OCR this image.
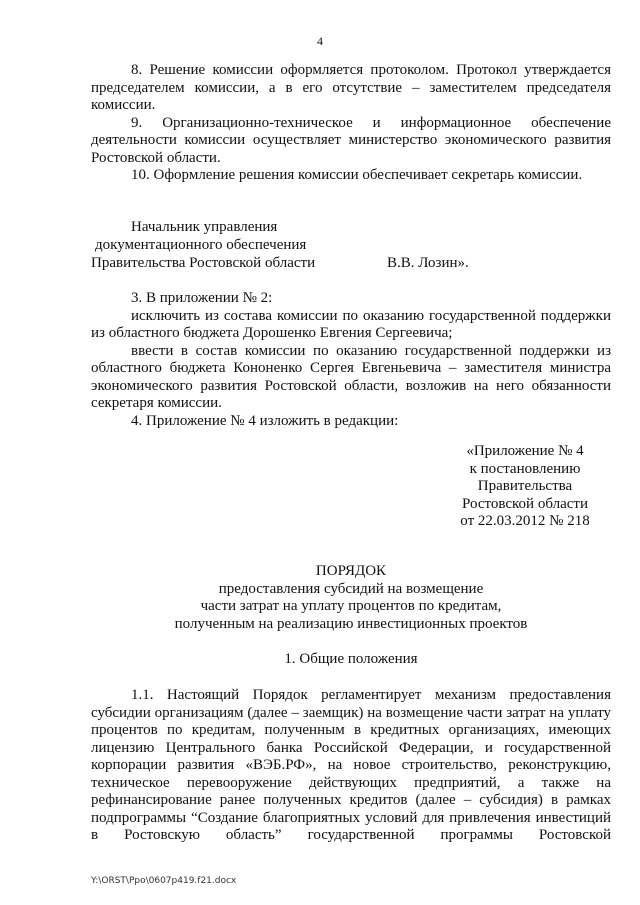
4

8. Решение комиссии оформляется протоколом. Протокол утверждается председателем комиссии, а в его отсутствие – заместителем председателя комиссии.

9. Организационно-техническое и информационное обеспечение деятельности комиссии осуществляет министерство экономического развития Ростовской области.

10. Оформление решения комиссии обеспечивает секретарь комиссии.

Начальник управления
документационного обеспечения
Правительства Ростовской области	В.В. Лозин».

3. В приложении № 2:

исключить из состава комиссии по оказанию государственной поддержки из областного бюджета Дорошенко Евгения Сергеевича;

ввести в состав комиссии по оказанию государственной поддержки из областного бюджета Кононенко Сергея Евгеньевича – заместителя министра экономического развития Ростовской области, возложив на него обязанности секретаря комиссии.

4. Приложение № 4 изложить в редакции:

«Приложение № 4
к постановлению
Правительства
Ростовской области
от 22.03.2012 № 218
ПОРЯДОК
предоставления субсидий на возмещение
части затрат на уплату процентов по кредитам,
полученным на реализацию инвестиционных проектов
1. Общие положения

1.1. Настоящий Порядок регламентирует механизм предоставления субсидии организациям (далее – заемщик) на возмещение части затрат на уплату процентов по кредитам, полученным в кредитных организациях, имеющих лицензию Центрального банка Российской Федерации, и государственной корпорации развития «ВЭБ.РФ», на новое строительство, реконструкцию, техническое перевооружение действующих предприятий, а также на рефинансирование ранее полученных кредитов (далее – субсидия) в рамках подпрограммы “Создание благоприятных условий для привлечения инвестиций в Ростовскую область” государственной программы Ростовской

Y:\ORST\Ppo\0607p419.f21.docx
